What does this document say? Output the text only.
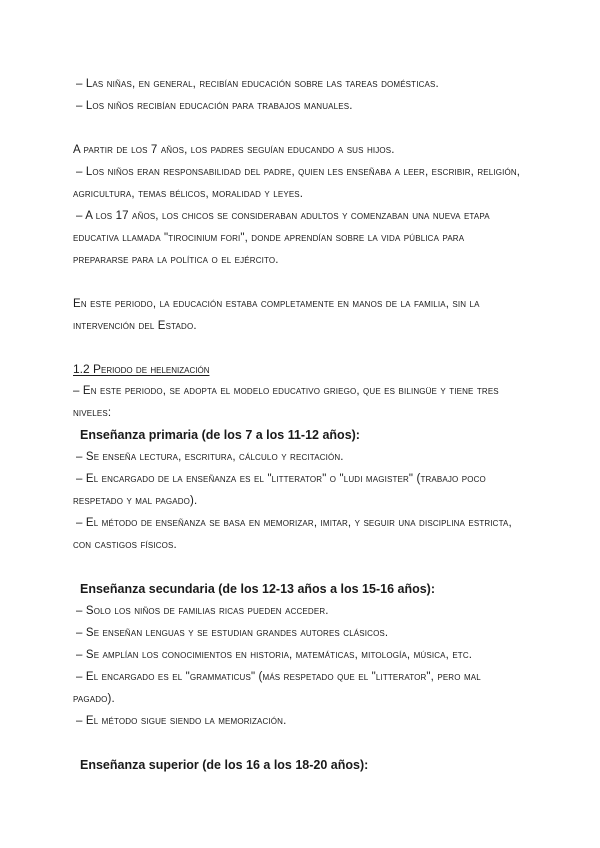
– Las niñas, en general, recibían educación sobre las tareas domésticas.
– Los niños recibían educación para trabajos manuales.
A partir de los 7 años, los padres seguían educando a sus hijos.
– Los niños eran responsabilidad del padre, quien les enseñaba a leer, escribir, religión,
agricultura, temas bélicos, moralidad y leyes.
– A los 17 años, los chicos se consideraban adultos y comenzaban una nueva etapa
educativa llamada "tirocinium fori", donde aprendían sobre la vida pública para
prepararse para la política o el ejército.
En este periodo, la educación estaba completamente en manos de la familia, sin la
intervención del Estado.
1.2 Periodo de helenización
– En este periodo, se adopta el modelo educativo griego, que es bilingüe y tiene tres
niveles:
Enseñanza primaria (de los 7 a los 11-12 años):
– Se enseña lectura, escritura, cálculo y recitación.
– El encargado de la enseñanza es el "litterator" o "ludi magister" (trabajo poco
respetado y mal pagado).
– El método de enseñanza se basa en memorizar, imitar, y seguir una disciplina estricta,
con castigos físicos.
Enseñanza secundaria (de los 12-13 años a los 15-16 años):
– Solo los niños de familias ricas pueden acceder.
– Se enseñan lenguas y se estudian grandes autores clásicos.
– Se amplían los conocimientos en historia, matemáticas, mitología, música, etc.
– El encargado es el "grammaticus" (más respetado que el "litterator", pero mal
pagado).
– El método sigue siendo la memorización.
Enseñanza superior (de los 16 a los 18-20 años):
